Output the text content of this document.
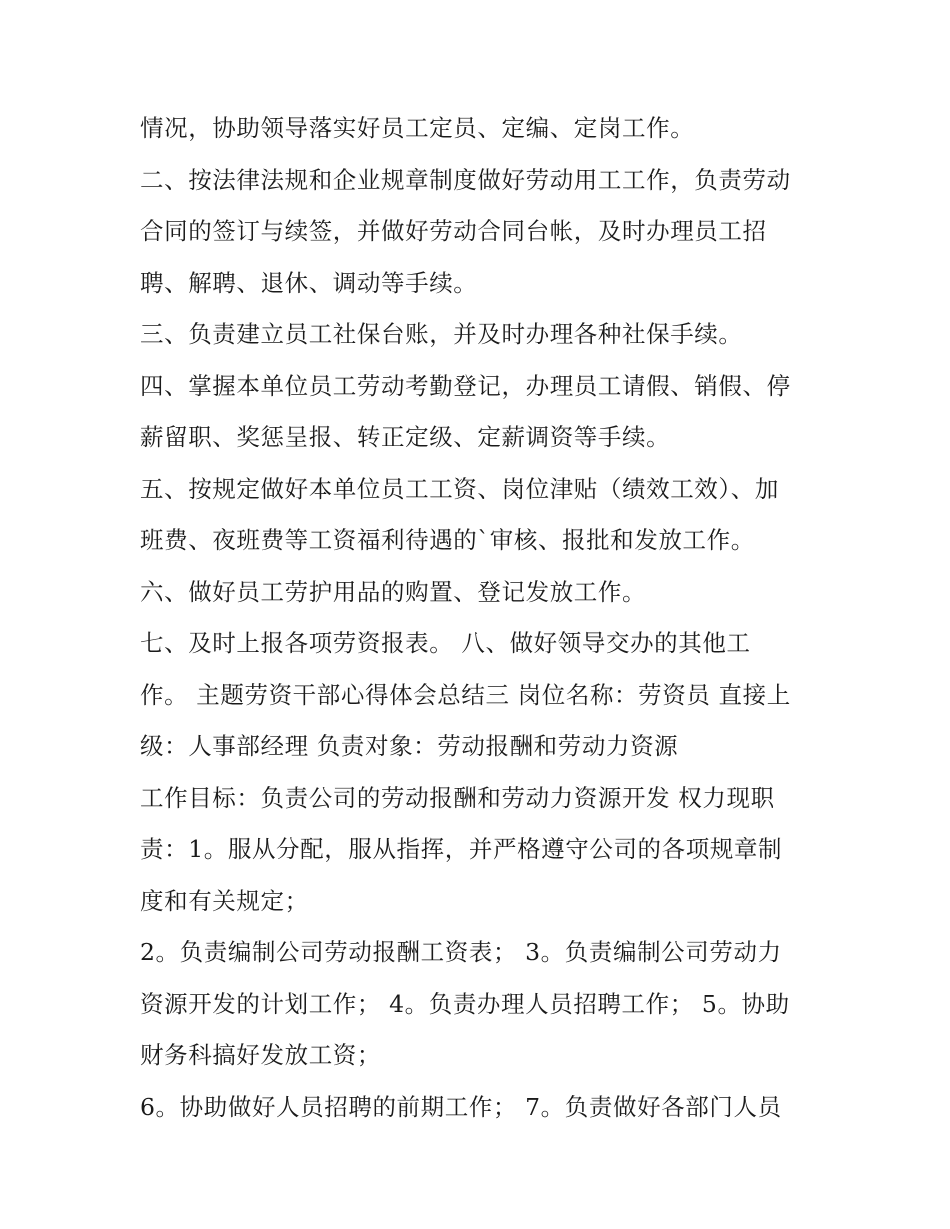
情况，协助领导落实好员工定员、定编、定岗工作。
二、按法律法规和企业规章制度做好劳动用工工作，负责劳动
合同的签订与续签，并做好劳动合同台帐，及时办理员工招
聘、解聘、退休、调动等手续。
三、负责建立员工社保台账，并及时办理各种社保手续。
四、掌握本单位员工劳动考勤登记，办理员工请假、销假、停
薪留职、奖惩呈报、转正定级、定薪调资等手续。
五、按规定做好本单位员工工资、岗位津贴（绩效工效）、加
班费、夜班费等工资福利待遇的`审核、报批和发放工作。
六、做好员工劳护用品的购置、登记发放工作。
七、及时上报各项劳资报表。 八、做好领导交办的其他工
作。 主题劳资干部心得体会总结三 岗位名称：劳资员 直接上
级：人事部经理 负责对象：劳动报酬和劳动力资源
工作目标：负责公司的劳动报酬和劳动力资源开发 权力现职
责：1。服从分配，服从指挥，并严格遵守公司的各项规章制
度和有关规定；
2。负责编制公司劳动报酬工资表； 3。负责编制公司劳动力
资源开发的计划工作； 4。负责办理人员招聘工作； 5。协助
财务科搞好发放工资；
6。协助做好人员招聘的前期工作； 7。负责做好各部门人员
